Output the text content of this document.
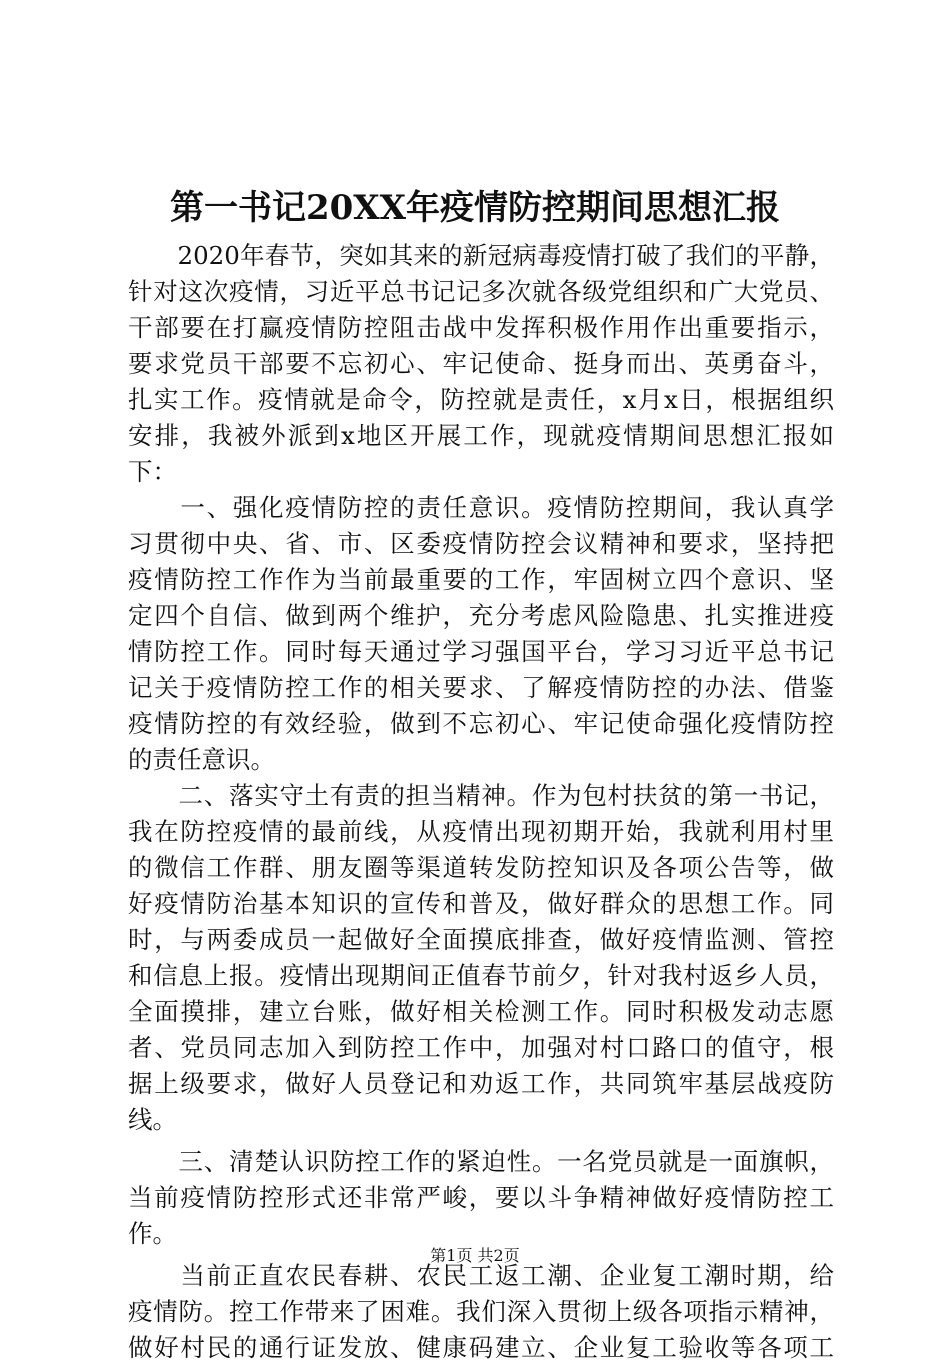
第一书记20XX年疫情防控期间思想汇报
　　2020年春节，突如其来的新冠病毒疫情打破了我们的平静，
针对这次疫情，习近平总书记记多次就各级党组织和广大党员、
干部要在打赢疫情防控阻击战中发挥积极作用作出重要指示，
要求党员干部要不忘初心、牢记使命、挺身而出、英勇奋斗，
扎实工作。疫情就是命令，防控就是责任，x月x日，根据组织
安排，我被外派到x地区开展工作，现就疫情期间思想汇报如
下：
　　一、强化疫情防控的责任意识。疫情防控期间，我认真学
习贯彻中央、省、市、区委疫情防控会议精神和要求，坚持把
疫情防控工作作为当前最重要的工作，牢固树立四个意识、坚
定四个自信、做到两个维护，充分考虑风险隐患、扎实推进疫
情防控工作。同时每天通过学习强国平台，学习习近平总书记
记关于疫情防控工作的相关要求、了解疫情防控的办法、借鉴
疫情防控的有效经验，做到不忘初心、牢记使命强化疫情防控
的责任意识。
　　二、落实守土有责的担当精神。作为包村扶贫的第一书记，
我在防控疫情的最前线，从疫情出现初期开始，我就利用村里
的微信工作群、朋友圈等渠道转发防控知识及各项公告等，做
好疫情防治基本知识的宣传和普及，做好群众的思想工作。同
时，与两委成员一起做好全面摸底排查，做好疫情监测、管控
和信息上报。疫情出现期间正值春节前夕，针对我村返乡人员，
全面摸排，建立台账，做好相关检测工作。同时积极发动志愿
者、党员同志加入到防控工作中，加强对村口路口的值守，根
据上级要求，做好人员登记和劝返工作，共同筑牢基层战疫防
线。
　　三、清楚认识防控工作的紧迫性。一名党员就是一面旗帜，
当前疫情防控形式还非常严峻，要以斗争精神做好疫情防控工
作。
　　当前正直农民春耕、农民工返工潮、企业复工潮时期，给
疫情防。控工作带来了困难。我们深入贯彻上级各项指示精神，
做好村民的通行证发放、健康码建立、企业复工验收等各项工
第1页 共2页
